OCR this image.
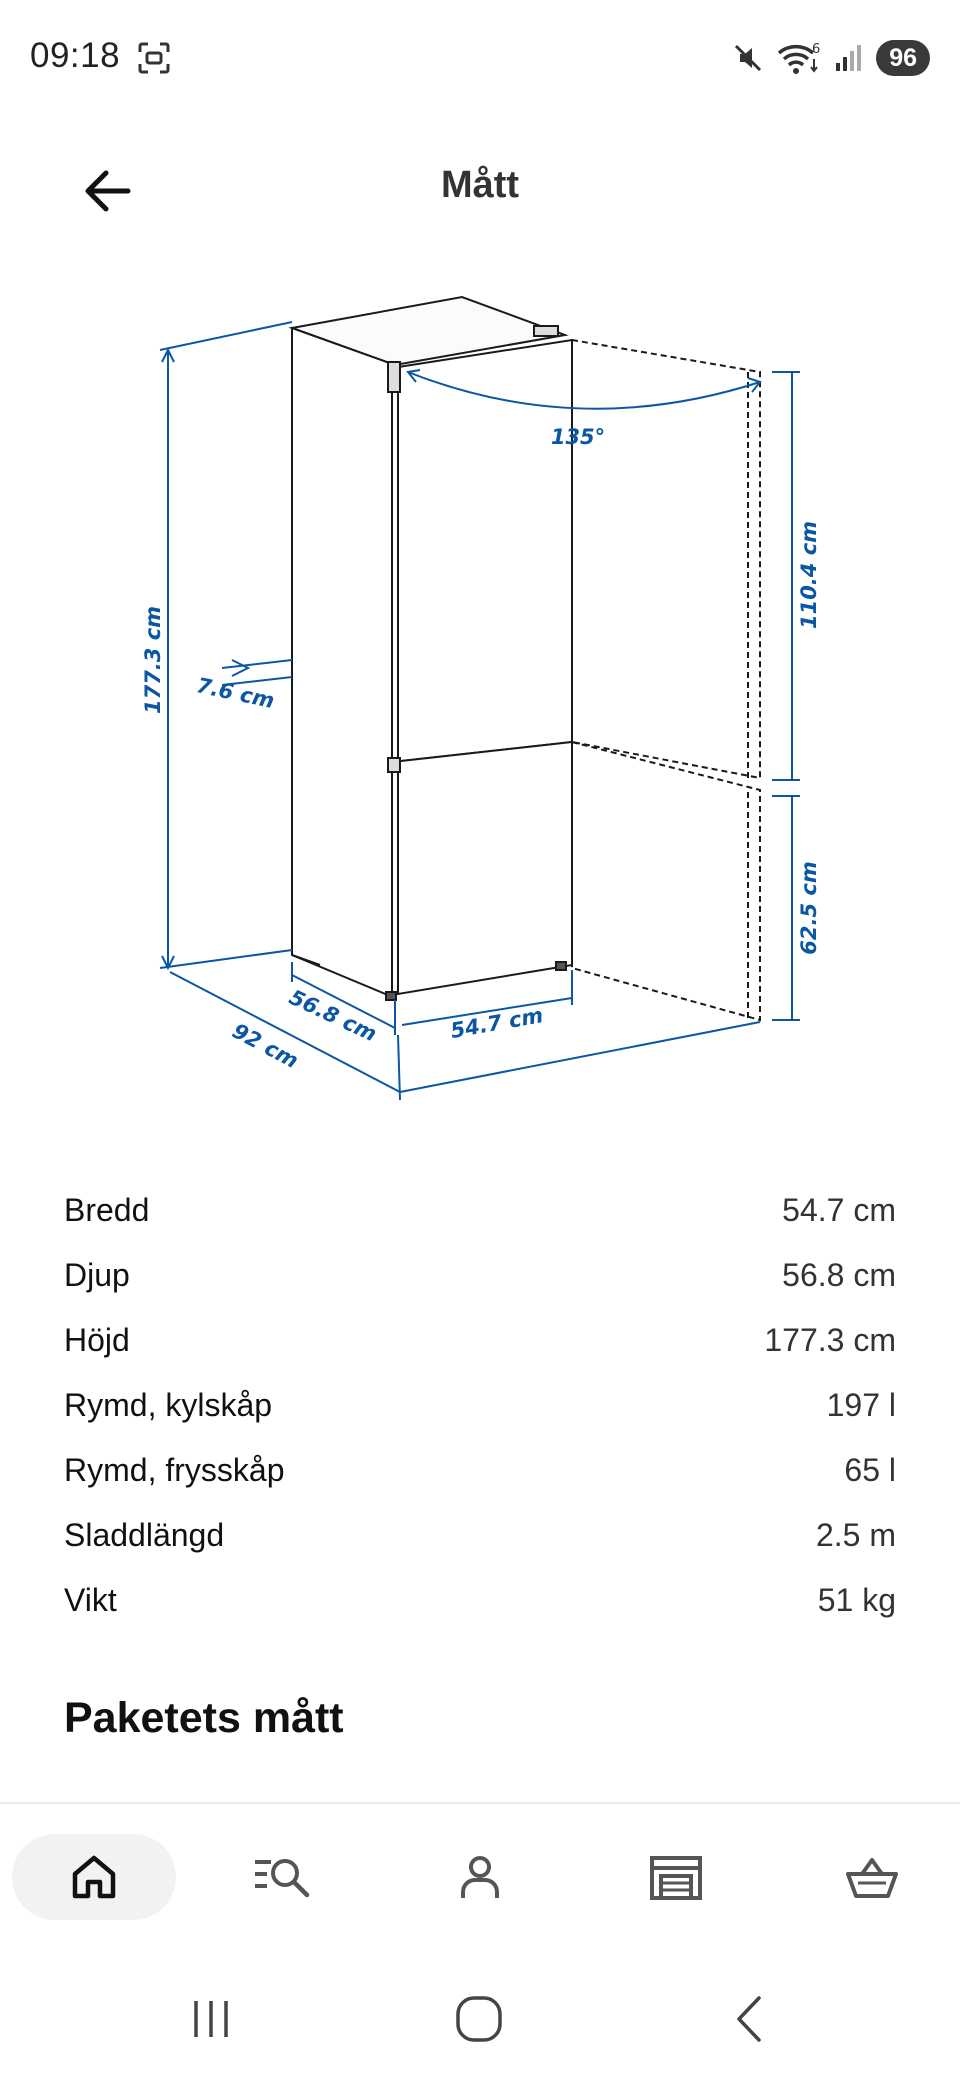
09:18	6	96
Mått
135°
177.3 cm 7.6 cm
110.4 cm
62.5 cm
56.8 cm	54.7 cm
92 cm
Bredd	54.7 cm
Djup	56.8 cm
Höjd	177.3 cm
Rymd, kylskåp	197 l
Rymd, frysskåp	65 l
Sladdlängd	2.5 m
Vikt	51 kg
Paketets mått
